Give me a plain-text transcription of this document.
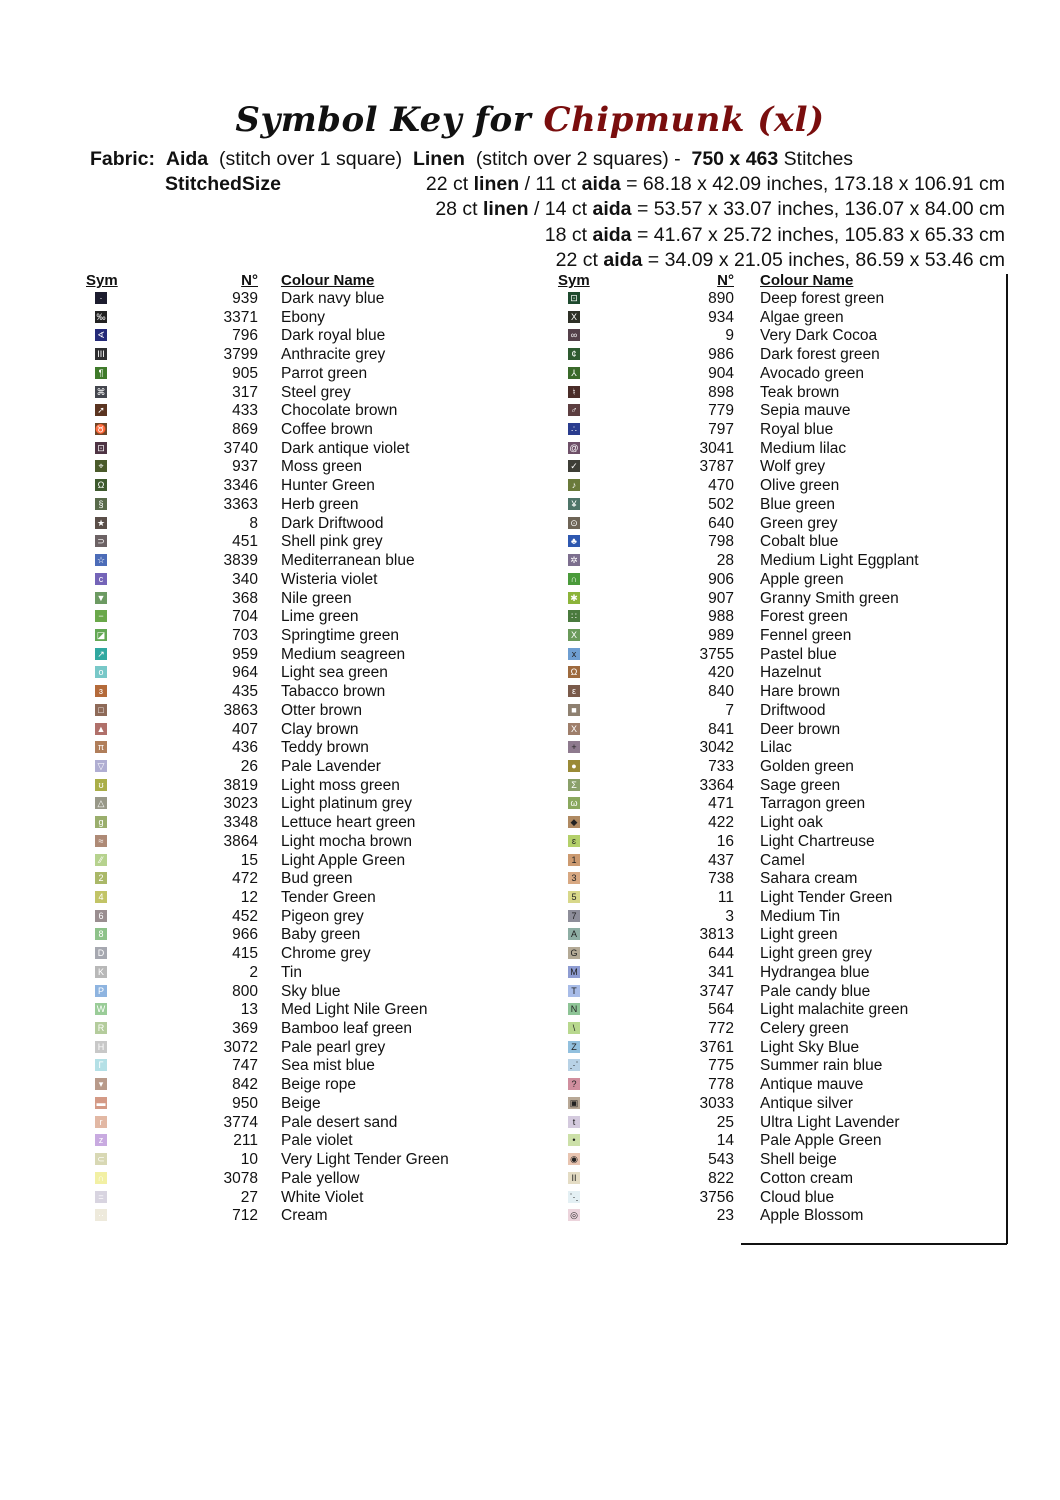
Symbol Key for Chipmunk (xl)
Fabric: Aida (stitch over 1 square) Linen (stitch over 2 squares) - 750 x 463 Stitches
StitchedSize	22 ct linen / 11 ct aida = 68.18 x 42.09 inches, 173.18 x 106.91 cm
28 ct linen / 14 ct aida = 53.57 x 33.07 inches, 136.07 x 84.00 cm
18 ct aida = 41.67 x 25.72 inches, 105.83 x 65.33 cm
22 ct aida = 34.09 x 21.05 inches, 86.59 x 53.46 cm
Sym	N° Colour Name
·	939 Dark navy blue
‰	3371 Ebony
∢	796 Dark royal blue
III	3799 Anthracite grey
¶	905 Parrot green
⌘	317 Steel grey
➚	433 Chocolate brown
♉	869 Coffee brown
⊡	3740 Dark antique violet
⌖	937 Moss green
Ω	3346 Hunter Green
§	3363 Herb green
★	8 Dark Driftwood
⊃	451 Shell pink grey
☆	3839 Mediterranean blue
c	340 Wisteria violet
▼	368 Nile green
−	704 Lime green
◪	703 Springtime green
↗	959 Medium seagreen
o	964 Light sea green
ɜ	435 Tabacco brown
□	3863 Otter brown
▲	407 Clay brown
π	436 Teddy brown
▽	26 Pale Lavender
ʊ	3819 Light moss green
△	3023 Light platinum grey
g	3348 Lettuce heart green
≈	3864 Light mocha brown
⁄⁄	15 Light Apple Green
2	472 Bud green
4	12 Tender Green
6	452 Pigeon grey
8	966 Baby green
D	415 Chrome grey
K	2 Tin
P	800 Sky blue
W	13 Med Light Nile Green
R	369 Bamboo leaf green
H	3072 Pale pearl grey
Γ	747 Sea mist blue
▾	842 Beige rope
▬	950 Beige
r	3774 Pale desert sand
z	211 Pale violet
⊂	10 Very Light Tender Green
∩	3078 Pale yellow
=	27 White Violet
··	712 Cream
Sym	N° Colour Name
⊡	890 Deep forest green
X	934 Algae green
∞	9 Very Dark Cocoa
¢	986 Dark forest green
⅄	904 Avocado green
♮	898 Teak brown
♂	779 Sepia mauve
∴	797 Royal blue
@	3041 Medium lilac
✓	3787 Wolf grey
♪	470 Olive green
¥	502 Blue green
⊙	640 Green grey
♣	798 Cobalt blue
✲	28 Medium Light Eggplant
∩	906 Apple green
✱	907 Granny Smith green
∷	988 Forest green
X	989 Fennel green
x	3755 Pastel blue
Ω	420 Hazelnut
ε	840 Hare brown
■	7 Driftwood
X	841 Deer brown
+	3042 Lilac
●	733 Golden green
Σ	3364 Sage green
ω	471 Tarragon green
◆	422 Light oak
ɛ	16 Light Chartreuse
1	437 Camel
3	738 Sahara cream
5	11 Light Tender Green
7	3 Medium Tin
A	3813 Light green
G	644 Light green grey
M	341 Hydrangea blue
T	3747 Pale candy blue
N	564 Light malachite green
\	772 Celery green
Z	3761 Light Sky Blue
⋰	775 Summer rain blue
?	778 Antique mauve
▣	3033 Antique silver
t	25 Ultra Light Lavender
•	14 Pale Apple Green
◉	543 Shell beige
II	822 Cotton cream
⋱	3756 Cloud blue
◎	23 Apple Blossom
